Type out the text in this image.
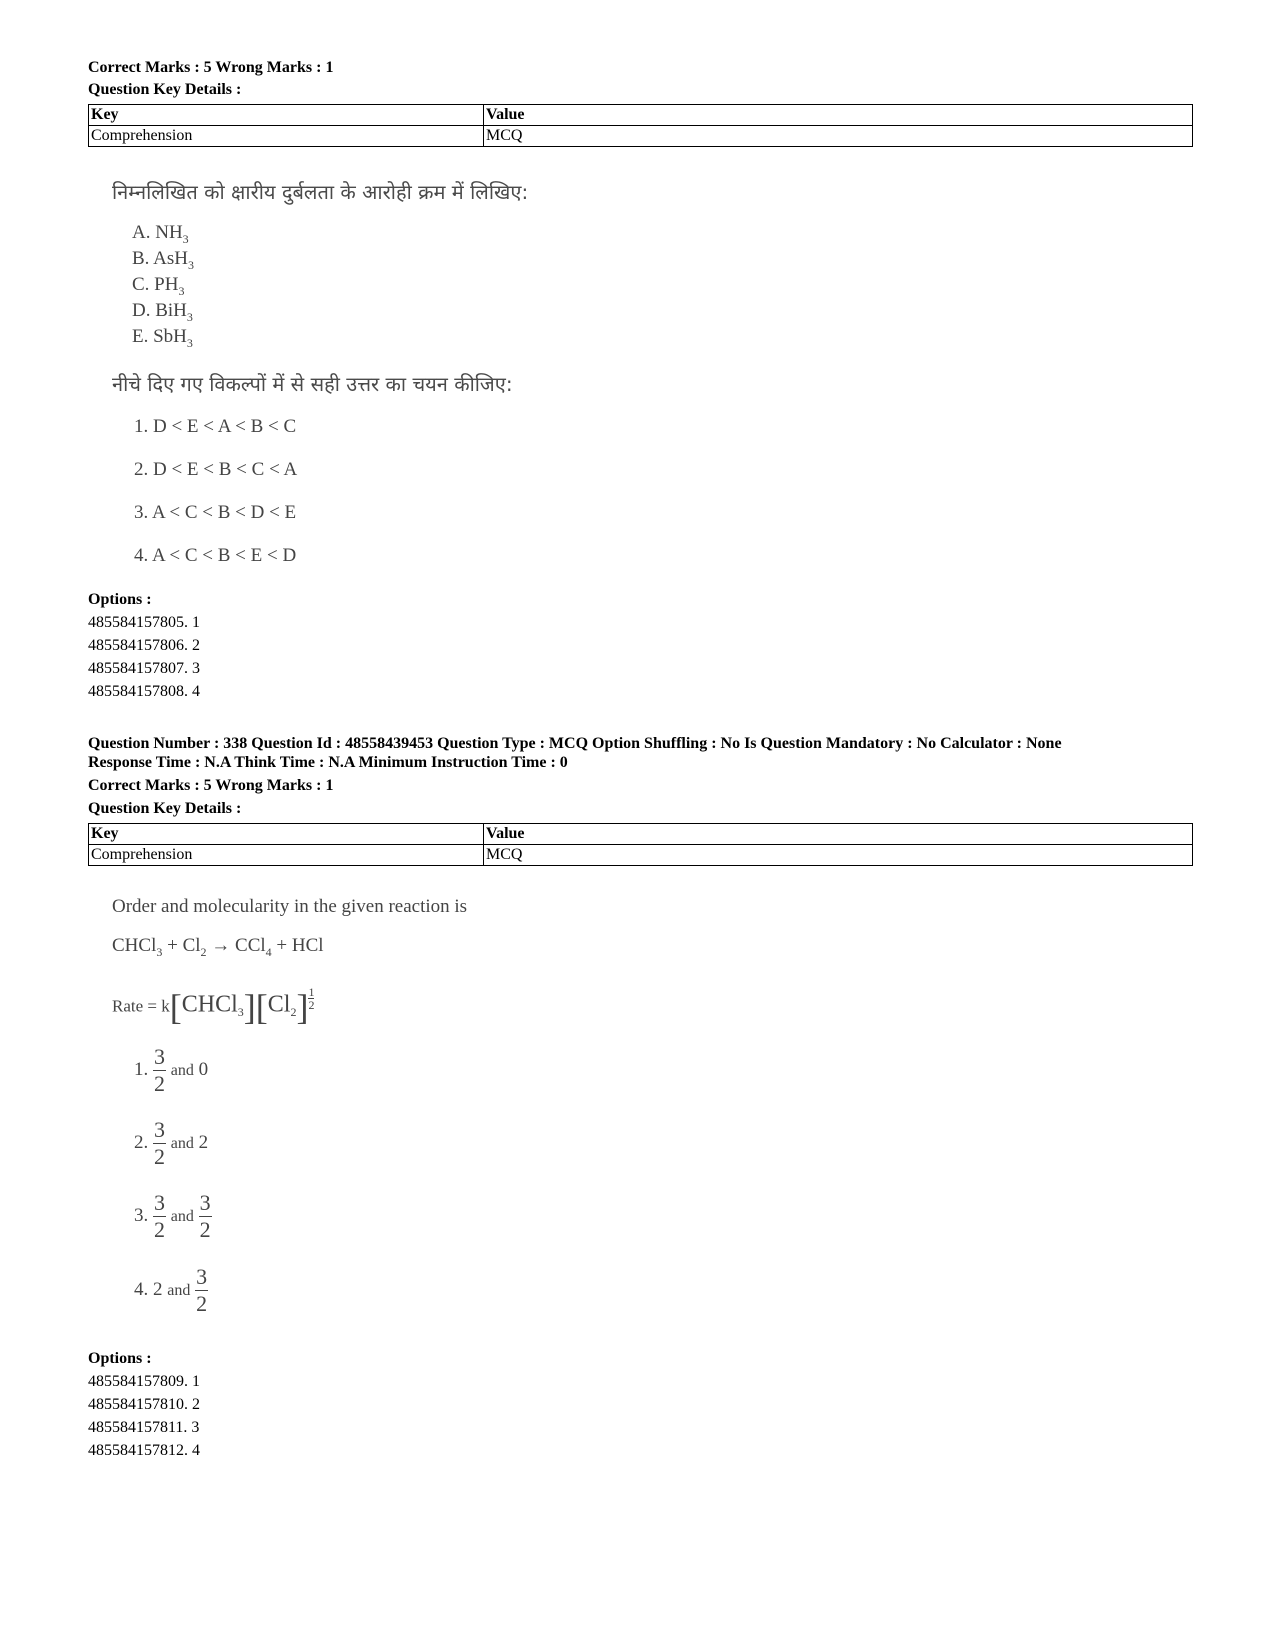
Correct Marks : 5 Wrong Marks : 1
Question Key Details :
Key	Value
Comprehension	MCQ
निम्नलिखित को क्षारीय दुर्बलता के आरोही क्रम में लिखिए:
A. $NH_3$
B. AsH$_3$
C. $PH_3$
D. BiH$_3$
E. SbH$_3$
नीचे दिए गए विकल्पों में से सही उत्तर का चयन कीजिए:
1. D < E < A < B < C
2. D < E < B < C < A
3. A < C < B < D < E
4. A < C < B < E < D
Options :
485584157805. 1
485584157806. 2
485584157807. 3
485584157808. 4
Question Number : 338 Question Id : 48558439453 Question Type : MCQ Option Shuffling : No Is Question Mandatory : No Calculator : None
Response Time : N.A Think Time : N.A Minimum Instruction Time : 0
Correct Marks : 5 Wrong Marks : 1
Question Key Details :
Key	Value
Comprehension	MCQ
Order and molecularity in the given reaction is
CHCl$_3$ + $Cl_2 \to CCl_4$ + HCl
Rate = $k[CHCl_3][Cl_2] \frac{1}{2}$
1. $\frac{3}{2}$ and 0
2. $\frac{3}{2}$ and 2
3. $\frac{3}{2}$ and $\frac{3}{2}$
4. 2 and $\frac{3}{2}$
Options :
485584157809. 1
485584157810. 2
485584157811. 3
485584157812. 4
